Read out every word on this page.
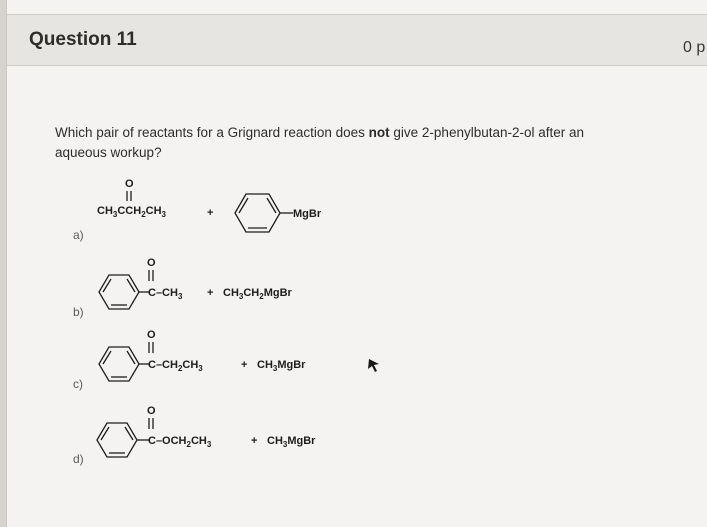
Question 11	0 p
Which pair of reactants for a Grignard reaction does not give 2-phenylbutan-2-ol after an aqueous workup?
a)
O
$CH_3CCH_2CH_3$	+	MgBr
b)
O
$C-CH_3$ + $CH_3CH_2MgBr$
c)
O
$C-CH_2CH_3$	+ $CH_3MgBr$
d)
O
$C-OCH_2CH_3$	+ $CH_3MgBr$
